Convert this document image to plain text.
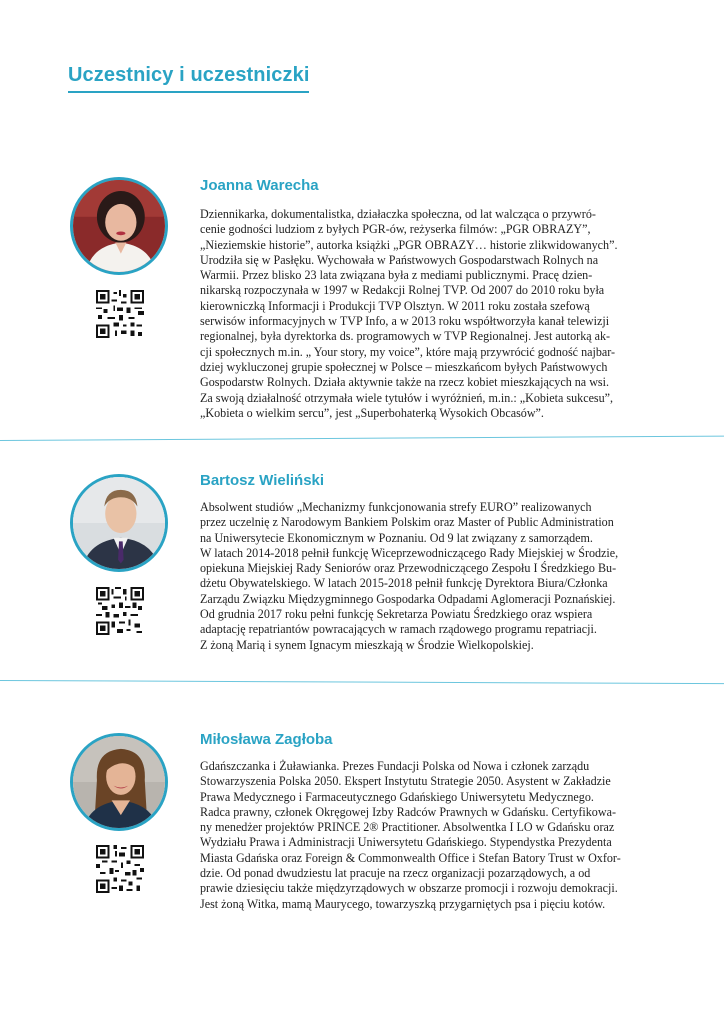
Uczestnicy i uczestniczki
Joanna Warecha

Dziennikarka, dokumentalistka, działaczka społeczna, od lat walcząca o przywró-
cenie godności ludziom z byłych PGR-ów, reżyserka filmów: „PGR OBRAZY”,
„Nieziemskie historie”, autorka książki „PGR OBRAZY… historie zlikwidowanych”.
Urodziła się w Pasłęku. Wychowała w Państwowych Gospodarstwach Rolnych na
Warmii. Przez blisko 23 lata związana była z mediami publicznymi. Pracę dzien-
nikarską rozpoczynała w 1997 w Redakcji Rolnej TVP. Od 2007 do 2010 roku była
kierowniczką Informacji i Produkcji TVP Olsztyn. W 2011 roku została szefową
serwisów informacyjnych w TVP Info, a w 2013 roku współtworzyła kanał telewizji
regionalnej, była dyrektorka ds. programowych w TVP Regionalnej. Jest autorką ak-
cji społecznych m.in. „ Your story, my voice”, które mają przywrócić godność najbar-
dziej wykluczonej grupie społecznej w Polsce – mieszkańcom byłych Państwowych
Gospodarstw Rolnych. Działa aktywnie także na rzecz kobiet mieszkających na wsi.
Za swoją działalność otrzymała wiele tytułów i wyróżnień, m.in.: „Kobieta sukcesu”,
„Kobieta o wielkim sercu”, jest „Superbohaterką Wysokich Obcasów”.

Bartosz Wieliński

Absolwent studiów „Mechanizmy funkcjonowania strefy EURO” realizowanych
przez uczelnię z Narodowym Bankiem Polskim oraz Master of Public Administration
na Uniwersytecie Ekonomicznym w Poznaniu. Od 9 lat związany z samorządem.
W latach 2014-2018 pełnił funkcję Wiceprzewodniczącego Rady Miejskiej w Środzie,
opiekuna Miejskiej Rady Seniorów oraz Przewodniczącego Zespołu I Średzkiego Bu-
dżetu Obywatelskiego. W latach 2015-2018 pełnił funkcję Dyrektora Biura/Członka
Zarządu Związku Międzygminnego Gospodarka Odpadami Aglomeracji Poznańskiej.
Od grudnia 2017 roku pełni funkcję Sekretarza Powiatu Średzkiego oraz wspiera
adaptację repatriantów powracających w ramach rządowego programu repatriacji.
Z żoną Marią i synem Ignacym mieszkają w Środzie Wielkopolskiej.

Miłosława Zagłoba

Gdańszczanka i Żuławianka. Prezes Fundacji Polska od Nowa i członek zarządu
Stowarzyszenia Polska 2050. Ekspert Instytutu Strategie 2050. Asystent w Zakładzie
Prawa Medycznego i Farmaceutycznego Gdańskiego Uniwersytetu Medycznego.
Radca prawny, członek Okręgowej Izby Radców Prawnych w Gdańsku. Certyfikowa-
ny menedżer projektów PRINCE 2® Practitioner. Absolwentka I LO w Gdańsku oraz
Wydziału Prawa i Administracji Uniwersytetu Gdańskiego. Stypendystka Prezydenta
Miasta Gdańska oraz Foreign & Commonwealth Office i Stefan Batory Trust w Oxfor-
dzie. Od ponad dwudziestu lat pracuje na rzecz organizacji pozarządowych, a od
prawie dziesięciu także międzyrządowych w obszarze promocji i rozwoju demokracji.
Jest żoną Witka, mamą Maurycego, towarzyszką przygarniętych psa i pięciu kotów.
